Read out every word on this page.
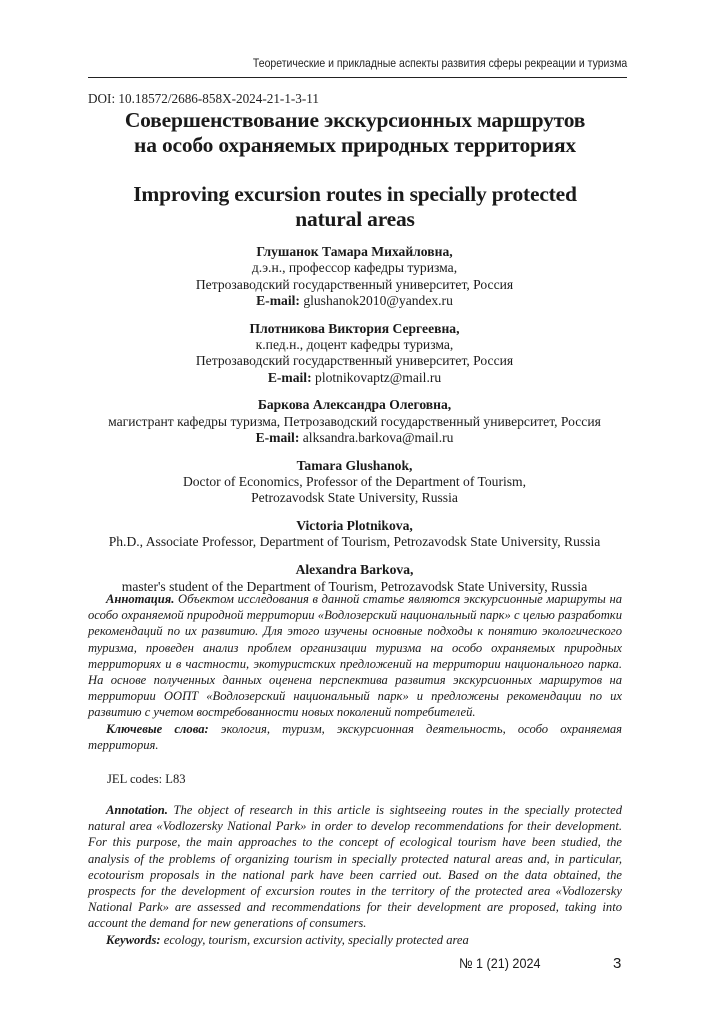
Теоретические и прикладные аспекты развития сферы рекреации и туризма
DOI: 10.18572/2686-858X-2024-21-1-3-11
Совершенствование экскурсионных маршрутов
на особо охраняемых природных территориях
Improving excursion routes in specially protected
natural areas
Глушанок Тамара Михайловна,
д.э.н., профессор кафедры туризма,
Петрозаводский государственный университет, Россия
E-mail: glushanok2010@yandex.ru
Плотникова Виктория Сергеевна,
к.пед.н., доцент кафедры туризма,
Петрозаводский государственный университет, Россия
E-mail: plotnikovaptz@mail.ru
Баркова Александра Олеговна,
магистрант кафедры туризма, Петрозаводский государственный университет, Россия
E-mail: alksandra.barkova@mail.ru
Tamara Glushanok,
Doctor of Economics, Professor of the Department of Tourism,
Petrozavodsk State University, Russia
Victoria Plotnikova,
Ph.D., Associate Professor, Department of Tourism, Petrozavodsk State University, Russia
Alexandra Barkova,
master's student of the Department of Tourism, Petrozavodsk State University, Russia

Аннотация. Объектом исследования в данной статье являются экскурсионные маршруты на особо охраняемой природной территории «Водлозерский национальный парк» с целью разработки рекомендаций по их развитию. Для этого изучены основные подходы к понятию экологического туризма, проведен анализ проблем организации туризма на особо охраняемых природных территориях и в частности, экотуристских предложений на территории национального парка. На основе полученных данных оценена перспектива развития экскурсионных маршрутов на территории ООПТ «Водлозерский национальный парк» и предложены рекомендации по их развитию с учетом востребованности новых поколений потребителей.

Ключевые слова: экология, туризм, экскурсионная деятельность, особо охраняемая территория.

JEL codes: L83

Annotation. The object of research in this article is sightseeing routes in the specially protected natural area «Vodlozersky National Park» in order to develop recommendations for their development. For this purpose, the main approaches to the concept of ecological tourism have been studied, the analysis of the problems of organizing tourism in specially protected natural areas and, in particular, ecotourism proposals in the national park have been carried out. Based on the data obtained, the prospects for the development of excursion routes in the territory of the protected area «Vodlozersky National Park» are assessed and recommendations for their development are proposed, taking into account the demand for new generations of consumers.

Keywords: ecology, tourism, excursion activity, specially protected area

№ 1 (21) 2024	3
